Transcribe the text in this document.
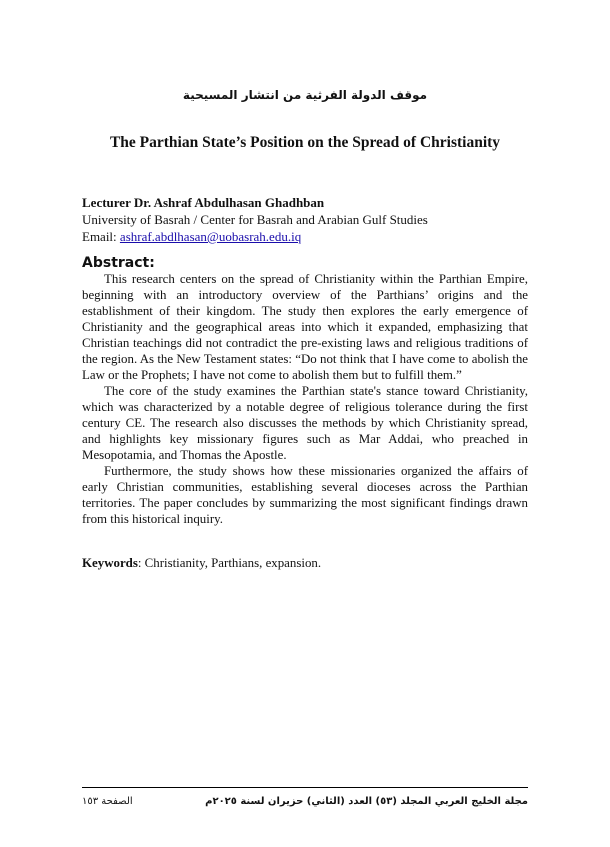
موقف الدولة الفرثية من انتشار المسيحية
The Parthian State’s Position on the Spread of Christianity
Lecturer Dr. Ashraf Abdulhasan Ghadhban
University of Basrah / Center for Basrah and Arabian Gulf Studies
Email: ashraf.abdlhasan@uobasrah.edu.iq
Abstract:

This research centers on the spread of Christianity within the Parthian Empire, beginning with an introductory overview of the Parthians’ origins and the establishment of their kingdom. The study then explores the early emergence of Christianity and the geographical areas into which it expanded, emphasizing that Christian teachings did not contradict the pre-existing laws and religious traditions of the region. As the New Testament states: “Do not think that I have come to abolish the Law or the Prophets; I have not come to abolish them but to fulfill them.”

The core of the study examines the Parthian state's stance toward Christianity, which was characterized by a notable degree of religious tolerance during the first century CE. The research also discusses the methods by which Christianity spread, and highlights key missionary figures such as Mar Addai, who preached in Mesopotamia, and Thomas the Apostle.

Furthermore, the study shows how these missionaries organized the affairs of early Christian communities, establishing several dioceses across the Parthian territories. The paper concludes by summarizing the most significant findings drawn from this historical inquiry.

Keywords: Christianity, Parthians, expansion.
مجلة الخليج العربي المجلد (٥٣) العدد (الثاني) حزيران لسنة ٢٠٢٥م
الصفحة ١٥٣
